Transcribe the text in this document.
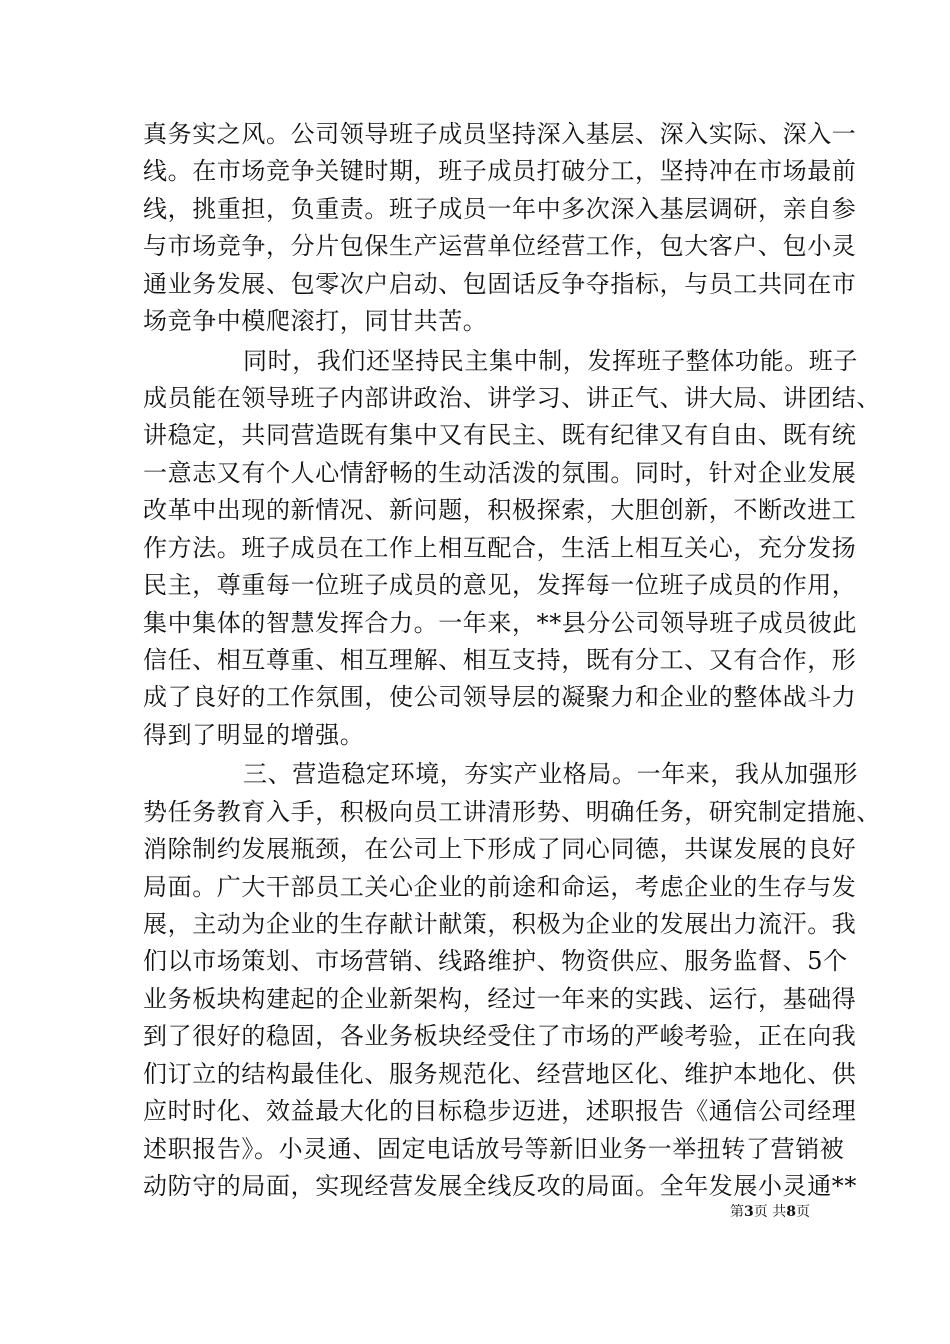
真务实之风。公司领导班子成员坚持深入基层、深入实际、深入一
线。在市场竞争关键时期，班子成员打破分工，坚持冲在市场最前
线，挑重担，负重责。班子成员一年中多次深入基层调研，亲自参
与市场竞争，分片包保生产运营单位经营工作，包大客户、包小灵
通业务发展、包零次户启动、包固话反争夺指标，与员工共同在市
场竞争中模爬滚打，同甘共苦。
同时，我们还坚持民主集中制，发挥班子整体功能。班子
成员能在领导班子内部讲政治、讲学习、讲正气、讲大局、讲团结、
讲稳定，共同营造既有集中又有民主、既有纪律又有自由、既有统
一意志又有个人心情舒畅的生动活泼的氛围。同时，针对企业发展
改革中出现的新情况、新问题，积极探索，大胆创新，不断改进工
作方法。班子成员在工作上相互配合，生活上相互关心，充分发扬
民主，尊重每一位班子成员的意见，发挥每一位班子成员的作用，
集中集体的智慧发挥合力。一年来，**县分公司领导班子成员彼此
信任、相互尊重、相互理解、相互支持，既有分工、又有合作，形
成了良好的工作氛围，使公司领导层的凝聚力和企业的整体战斗力
得到了明显的增强。
三、营造稳定环境，夯实产业格局。一年来，我从加强形
势任务教育入手，积极向员工讲清形势、明确任务，研究制定措施、
消除制约发展瓶颈，在公司上下形成了同心同德，共谋发展的良好
局面。广大干部员工关心企业的前途和命运，考虑企业的生存与发
展，主动为企业的生存献计献策，积极为企业的发展出力流汗。我
们以市场策划、市场营销、线路维护、物资供应、服务监督、5个
业务板块构建起的企业新架构，经过一年来的实践、运行，基础得
到了很好的稳固，各业务板块经受住了市场的严峻考验，正在向我
们订立的结构最佳化、服务规范化、经营地区化、维护本地化、供
应时时化、效益最大化的目标稳步迈进，述职报告《通信公司经理
述职报告》。小灵通、固定电话放号等新旧业务一举扭转了营销被
动防守的局面，实现经营发展全线反攻的局面。全年发展小灵通**
第3页 共8页
